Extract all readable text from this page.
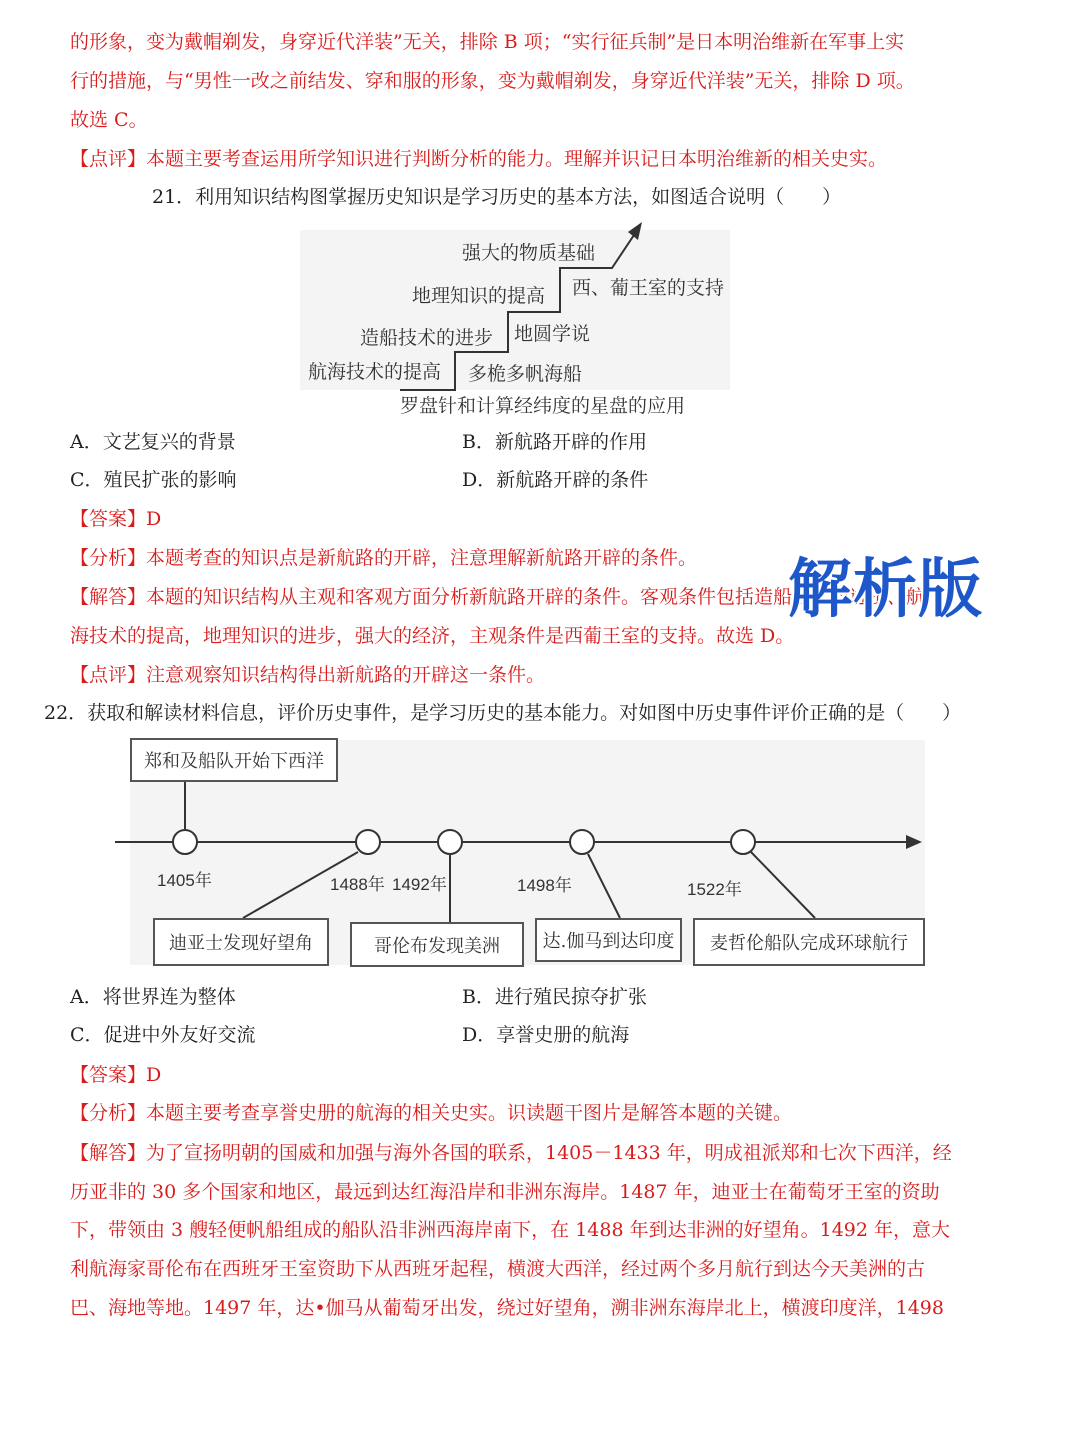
的形象，变为戴帽剃发，身穿近代洋装”无关，排除 B 项；“实行征兵制”是日本明治维新在军事上实
行的措施，与“男性一改之前结发、穿和服的形象，变为戴帽剃发，身穿近代洋装”无关，排除 D 项。
故选 C。
【点评】本题主要考查运用所学知识进行判断分析的能力。理解并识记日本明治维新的相关史实。
21．利用知识结构图掌握历史知识是学习历史的基本方法，如图适合说明（　　）
强大的物质基础
地理知识的提高
造船技术的进步
航海技术的提高
西、葡王室的支持
地圆学说
多桅多帆海船
罗盘针和计算经纬度的星盘的应用
A．文艺复兴的背景	B．新航路开辟的作用
C．殖民扩张的影响	D．新航路开辟的条件
【答案】D
【分析】本题考查的知识点是新航路的开辟，注意理解新航路开辟的条件。
【解答】本题的知识结构从主观和客观方面分析新航路开辟的条件。客观条件包括造船技术的进步、航
海技术的提高，地理知识的进步，强大的经济，主观条件是西葡王室的支持。故选 D。
【点评】注意观察知识结构得出新航路的开辟这一条件。
解析版
22．获取和解读材料信息，评价历史事件，是学习历史的基本能力。对如图中历史事件评价正确的是（　　）
郑和及船队开始下西洋
1405年	1488年 1492年	1498年	1522年
迪亚士发现好望角	哥伦布发现美洲	达.伽马到达印度	麦哲伦船队完成环球航行
A．将世界连为整体	B．进行殖民掠夺扩张
C．促进中外友好交流	D．享誉史册的航海
【答案】D
【分析】本题主要考查享誉史册的航海的相关史实。识读题干图片是解答本题的关键。
【解答】为了宣扬明朝的国威和加强与海外各国的联系，1405－1433 年，明成祖派郑和七次下西洋，经
历亚非的 30 多个国家和地区，最远到达红海沿岸和非洲东海岸。1487 年，迪亚士在葡萄牙王室的资助
下，带领由 3 艘轻便帆船组成的船队沿非洲西海岸南下，在 1488 年到达非洲的好望角。1492 年，意大
利航海家哥伦布在西班牙王室资助下从西班牙起程，横渡大西洋，经过两个多月航行到达今天美洲的古
巴、海地等地。1497 年，达•伽马从葡萄牙出发，绕过好望角，溯非洲东海岸北上，横渡印度洋，1498
